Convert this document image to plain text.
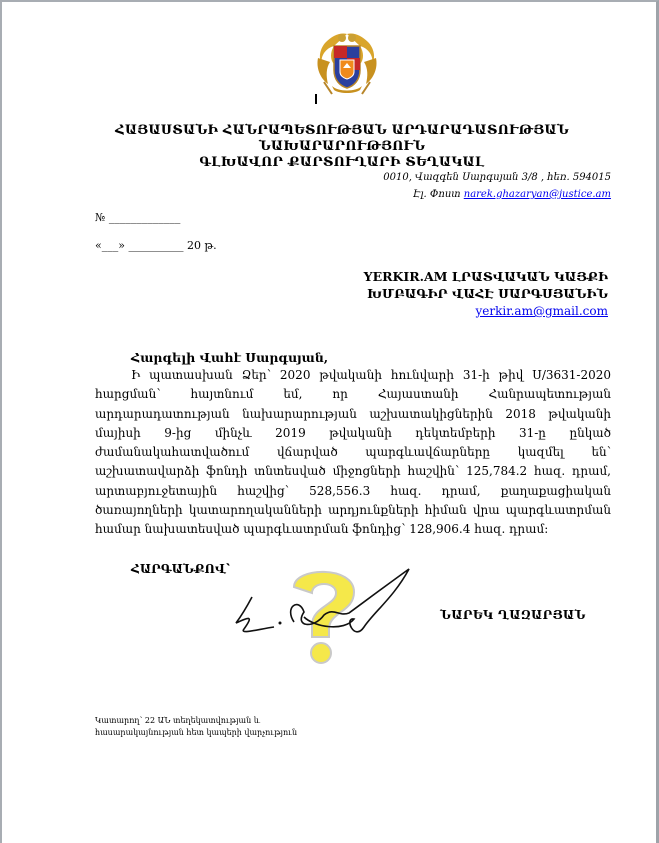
ՀԱՅԱՍՏԱՆԻ ՀԱՆՐԱՊԵՏՈՒԹՅԱՆ ԱՐԴԱՐԱԴԱՏՈՒԹՅԱՆ ՆԱԽԱՐԱՐՈՒԹՅՈՒՆ
ԳԼԽԱՎՈՐ ՔԱՐՏՈՒՂԱՐԻ ՏԵՂԱԿԱԼ
0010, Վազգեն Սարգսյան 3/8 , հեռ. 594015
Էլ. Փոստ narek.ghazaryan@justice.am
№ _____________
«___» __________ 20 թ.
YERKIR.AM ԼՐԱՏՎԱԿԱՆ ԿԱՅՔԻ
ԽՄԲԱԳԻՐ ՎԱՀԷ ՍԱՐԳՍՅԱՆԻՆ
yerkir.am@gmail.com
Հարգելի Վահէ Սարգսյան,
Ի պատասխան Ձեր՝ 2020 թվականի հունվարի 31-ի թիվ Ս/3631-2020 հարցման՝ հայտնում եմ, որ Հայաստանի Հանրապետության արդարադատության նախարարության աշխատակիցներին 2018 թվականի մայիսի 9-ից մինչև 2019 թվականի դեկտեմբերի 31-ը ընկած ժամանակահատվածում վճարված պարգևավճարները կազմել են՝ աշխատավարձի ֆոնդի տնտեսված միջոցների հաշվին՝ 125,784.2 հազ. դրամ, արտաբյուջետային հաշվից՝ 528,556.3 հազ. դրամ, քաղաքացիական ծառայողների կատարողականների արդյունքների հիման վրա պարգևատրման համար նախատեսված պարգևատրման ֆոնդից՝ 128,906.4 հազ. դրամ:
ՀԱՐԳԱՆՔՈՎ՝
ՆԱՐԵԿ ՂԱԶԱՐՅԱՆ
Կատարող՝ 22 ԱՆ տեղեկատվության և
հասարակայնության հետ կապերի վարչություն
